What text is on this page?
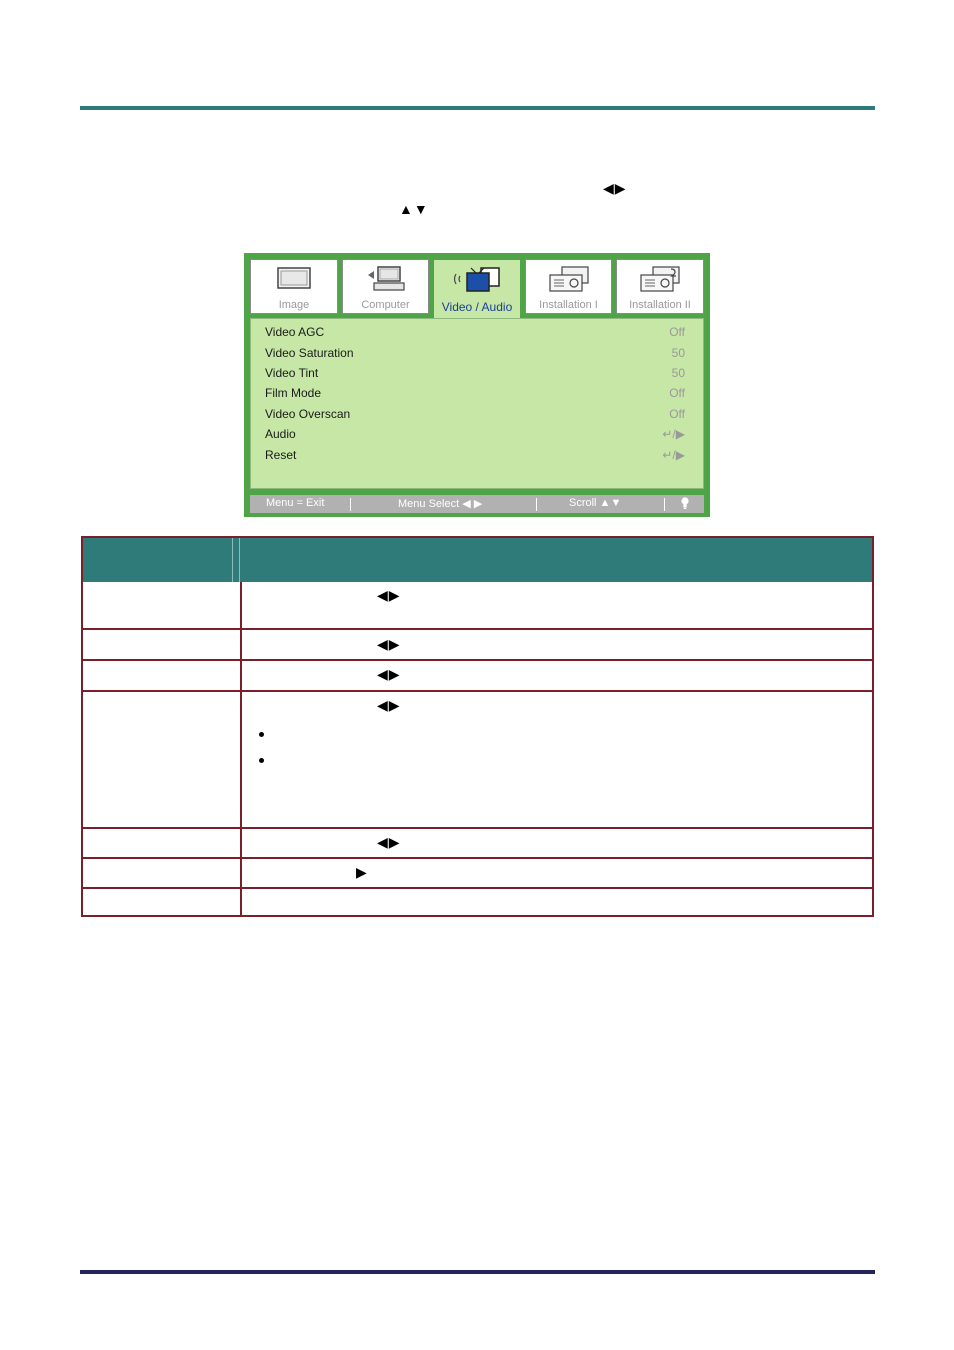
◀▶
▲▼
Image	Computer	Video / Audio	Installation I	Installation II
Video AGC	Off
Video Saturation	50
Video Tint	50
Film Mode	Off
Video Overscan	Off
Audio	↵/▶
Reset	↵/▶
Menu = Exit	Menu Select ◀ ▶	Scroll ▲▼
◀▶
◀▶
◀▶
◀▶
◀▶
▶
